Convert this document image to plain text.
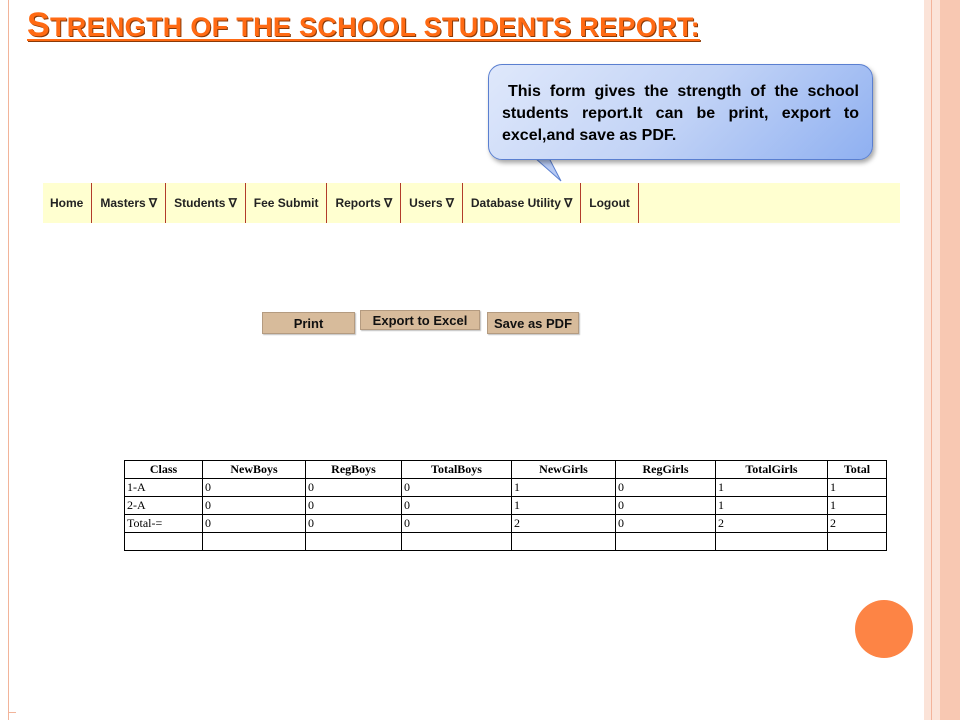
STRENGTH OF THE SCHOOL STUDENTS REPORT:

This form gives the strength of the school students report.It can be print, export to excel,and save as PDF.

Home	Masters ∇	Students ∇	Fee Submit	Reports ∇	Users ∇	Database Utility ∇	Logout
Print	Export to Excel	Save as PDF
Class	NewBoys	RegBoys	TotalBoys	NewGirls	RegGirls	TotalGirls	Total
1-A	0	0	0	1	0	1	1
2-A	0	0	0	1	0	1	1
Total-=	0	0	0	2	0	2	2
